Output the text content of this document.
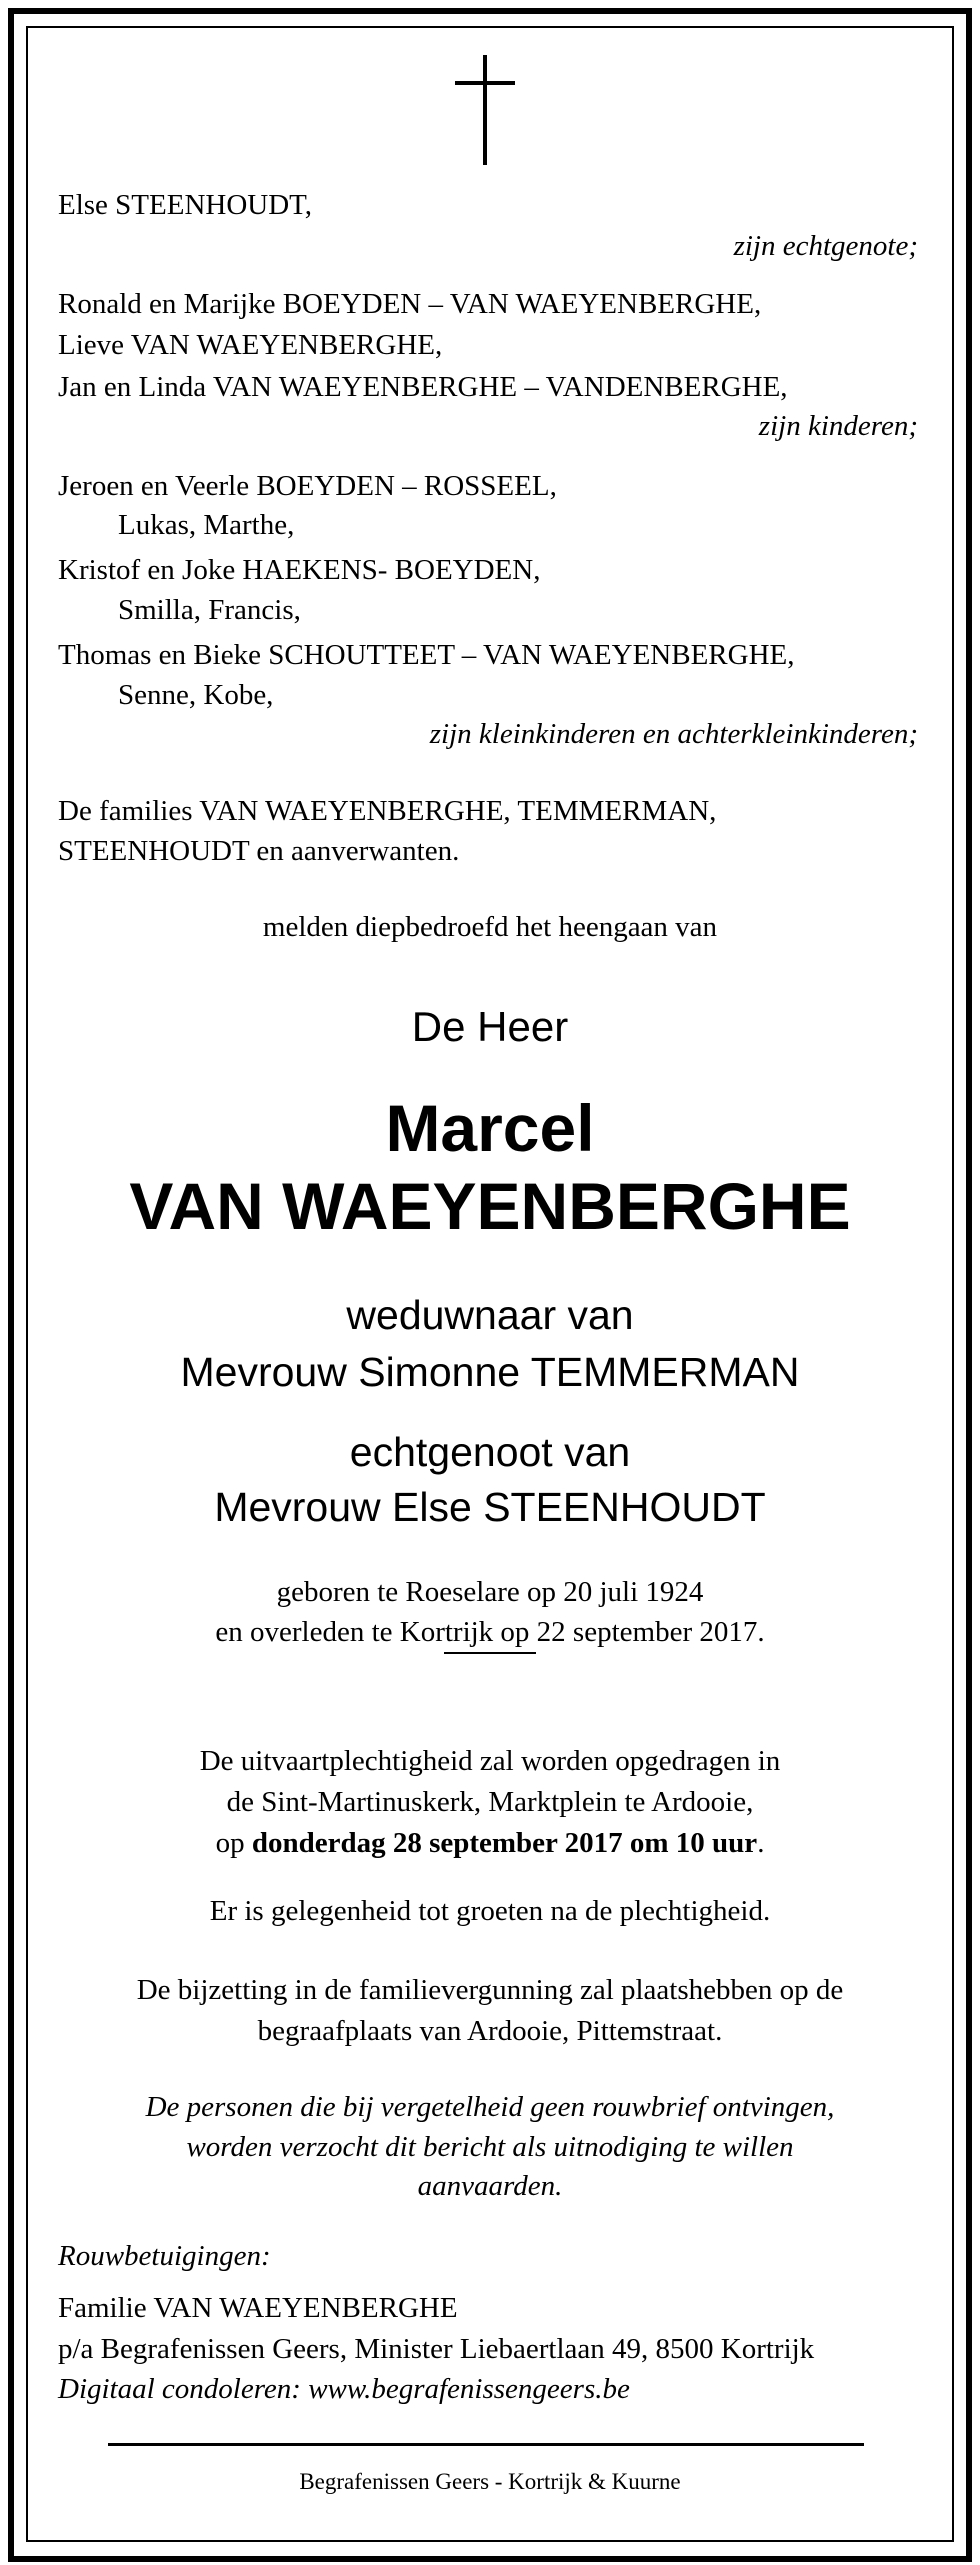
Else STEENHOUDT,
zijn echtgenote;
Ronald en Marijke BOEYDEN – VAN WAEYENBERGHE,
Lieve VAN WAEYENBERGHE,
Jan en Linda VAN WAEYENBERGHE – VANDENBERGHE,
zijn kinderen;
Jeroen en Veerle BOEYDEN – ROSSEEL,
Lukas, Marthe,
Kristof en Joke HAEKENS- BOEYDEN,
Smilla, Francis,
Thomas en Bieke SCHOUTTEET – VAN WAEYENBERGHE,
Senne, Kobe,
zijn kleinkinderen en achterkleinkinderen;
De families VAN WAEYENBERGHE, TEMMERMAN,
STEENHOUDT en aanverwanten.
melden diepbedroefd het heengaan van
De Heer
Marcel
VAN WAEYENBERGHE
weduwnaar van
Mevrouw Simonne TEMMERMAN
echtgenoot van
Mevrouw Else STEENHOUDT
geboren te Roeselare op 20 juli 1924
en overleden te Kortrijk op 22 september 2017.
De uitvaartplechtigheid zal worden opgedragen in
de Sint-Martinuskerk, Marktplein te Ardooie,
op donderdag 28 september 2017 om 10 uur.
Er is gelegenheid tot groeten na de plechtigheid.
De bijzetting in de familievergunning zal plaatshebben op de
begraafplaats van Ardooie, Pittemstraat.
De personen die bij vergetelheid geen rouwbrief ontvingen,
worden verzocht dit bericht als uitnodiging te willen
aanvaarden.
Rouwbetuigingen:
Familie VAN WAEYENBERGHE
p/a Begrafenissen Geers, Minister Liebaertlaan 49, 8500 Kortrijk
Digitaal condoleren: www.begrafenissengeers.be
Begrafenissen Geers - Kortrijk & Kuurne
